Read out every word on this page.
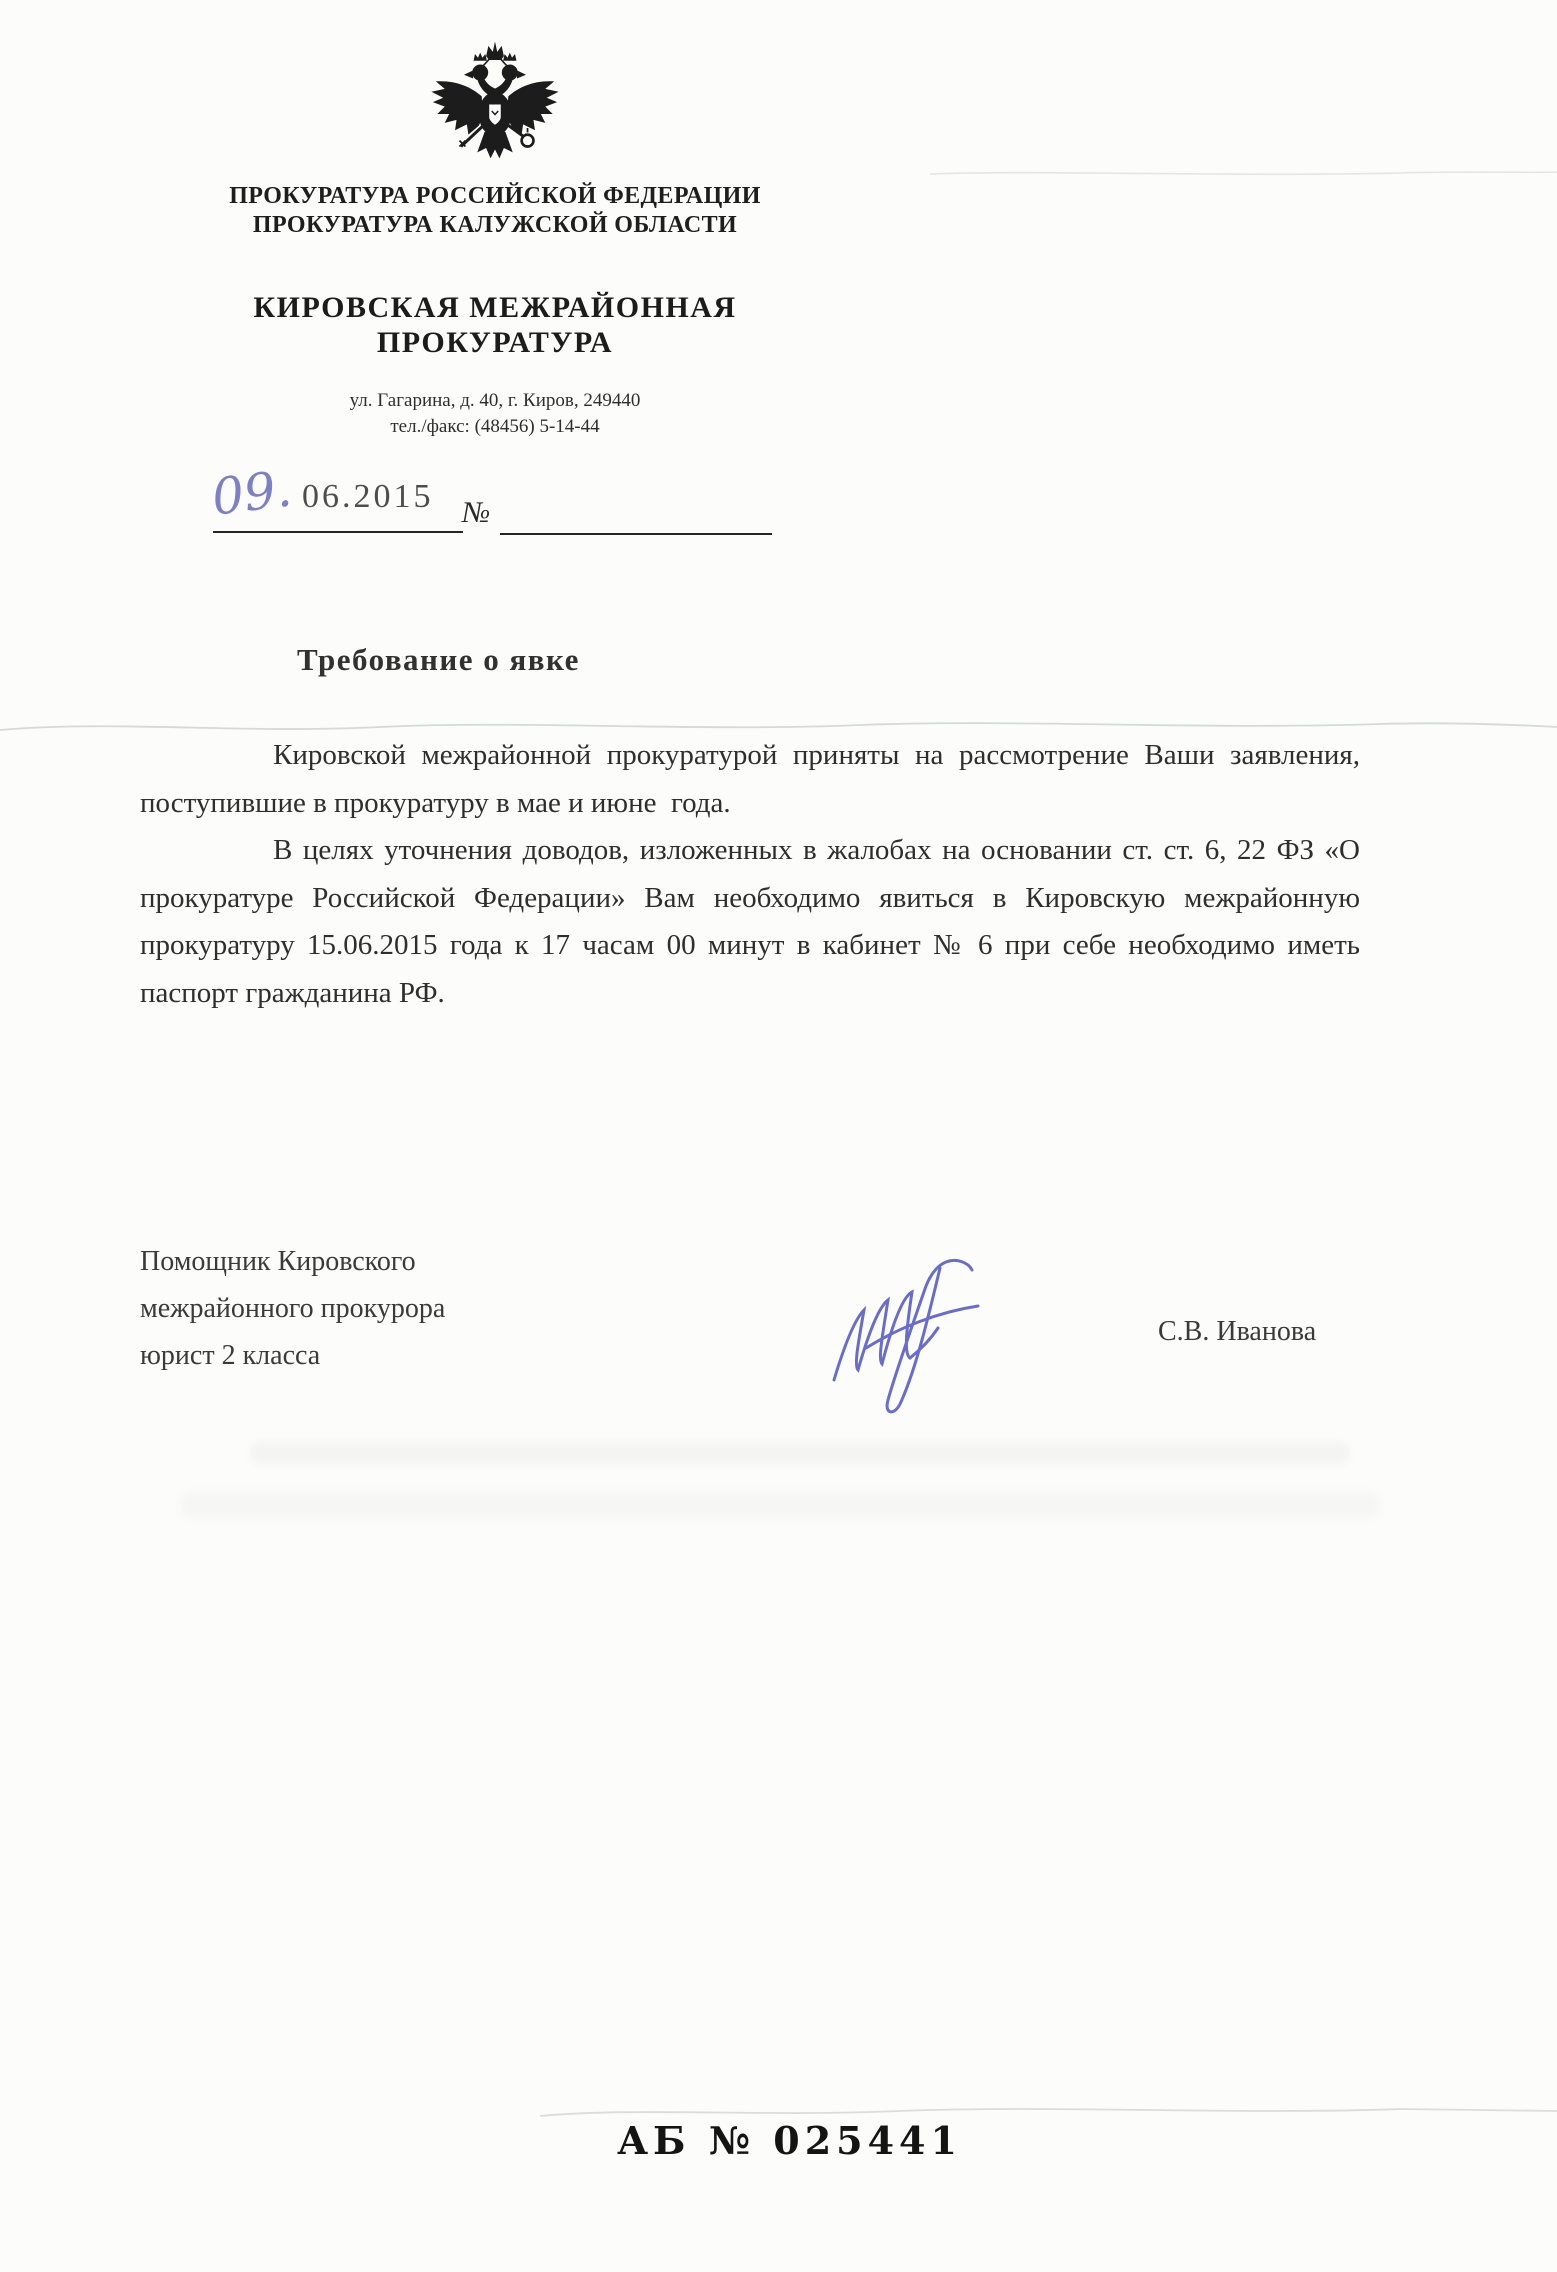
ПРОКУРАТУРА РОССИЙСКОЙ ФЕДЕРАЦИИ
ПРОКУРАТУРА КАЛУЖСКОЙ ОБЛАСТИ
КИРОВСКАЯ МЕЖРАЙОННАЯ
ПРОКУРАТУРА
ул. Гагарина, д. 40, г. Киров, 249440
тел./факс: (48456) 5-14-44
09. 06.2015 №
Требование о явке

Кировской межрайонной прокуратурой приняты на рассмотрение Ваши заявления, поступившие в прокуратуру в мае и июне  года.

В целях уточнения доводов, изложенных в жалобах на основании ст. ст. 6, 22 ФЗ «О прокуратуре Российской Федерации» Вам необходимо явиться в Кировскую межрайонную прокуратуру 15.06.2015 года к 17 часам 00 минут в кабинет № 6 при себе необходимо иметь паспорт гражданина РФ.

Помощник Кировского
межрайонного прокурора
юрист 2 класса
С.В. Иванова
АБ № 025441
